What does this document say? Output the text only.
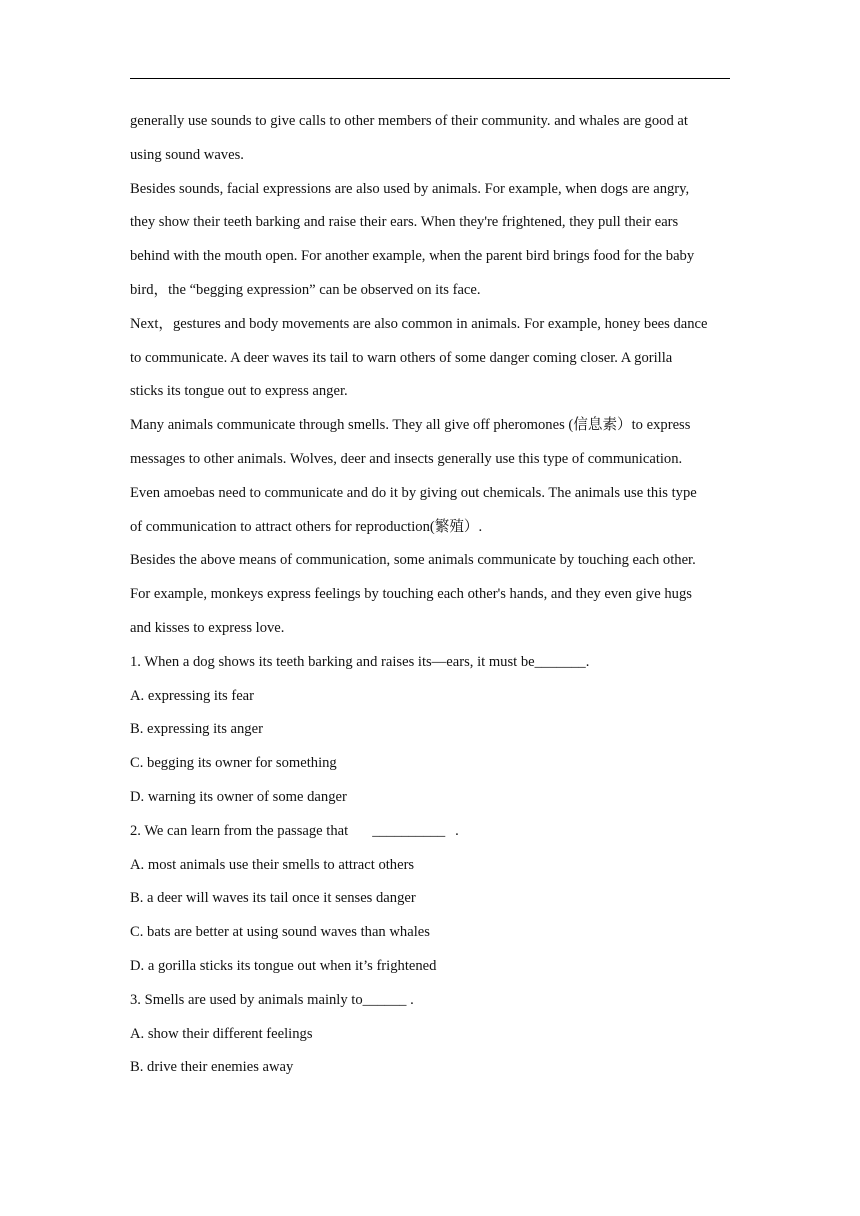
generally use sounds to give calls to other members of their community. and whales are good at
using sound waves.
Besides sounds, facial expressions are also used by animals. For example, when dogs are angry,
they show their teeth barking and raise their ears. When they're frightened, they pull their ears
behind with the mouth open. For another example, when the parent bird brings food for the baby
bird，the “begging expression” can be observed on its face.
Next，gestures and body movements are also common in animals. For example, honey bees dance
to communicate. A deer waves its tail to warn others of some danger coming closer. A gorilla
sticks its tongue out to express anger.
Many animals communicate through smells. They all give off pheromones (信息素）to express
messages to other animals. Wolves, deer and insects generally use this type of communication.
Even amoebas need to communicate and do it by giving out chemicals. The animals use this type
of communication to attract others for reproduction(繁殖）.
Besides the above means of communication, some animals communicate by touching each other.
For example, monkeys express feelings by touching each other's hands, and they even give hugs
and kisses to express love.
1. When a dog shows its teeth barking and raises its—ears, it must be_______.
A. expressing its fear
B. expressing its anger
C. begging its owner for something
D. warning its owner of some danger
2. We can learn from the passage that __________ .
A. most animals use their smells to attract others
B. a deer will waves its tail once it senses danger
C. bats are better at using sound waves than whales
D. a gorilla sticks its tongue out when it’s frightened
3. Smells are used by animals mainly to______ .
A. show their different feelings
B. drive their enemies away
